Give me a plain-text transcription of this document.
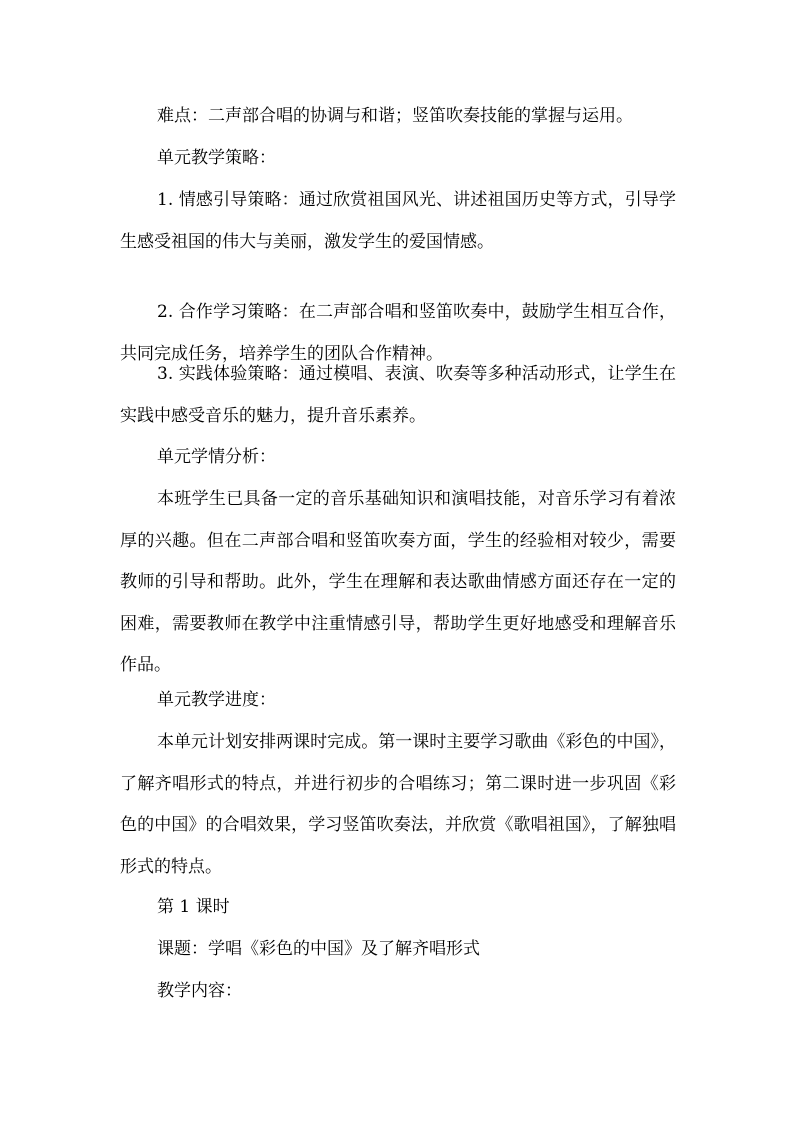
难点：二声部合唱的协调与和谐；竖笛吹奏技能的掌握与运用。

单元教学策略：

1. 情感引导策略：通过欣赏祖国风光、讲述祖国历史等方式，引导学生感受祖国的伟大与美丽，激发学生的爱国情感。

2. 合作学习策略：在二声部合唱和竖笛吹奏中，鼓励学生相互合作，共同完成任务，培养学生的团队合作精神。

3. 实践体验策略：通过模唱、表演、吹奏等多种活动形式，让学生在实践中感受音乐的魅力，提升音乐素养。

单元学情分析：

本班学生已具备一定的音乐基础知识和演唱技能，对音乐学习有着浓厚的兴趣。但在二声部合唱和竖笛吹奏方面，学生的经验相对较少，需要教师的引导和帮助。此外，学生在理解和表达歌曲情感方面还存在一定的困难，需要教师在教学中注重情感引导，帮助学生更好地感受和理解音乐作品。

单元教学进度：

本单元计划安排两课时完成。第一课时主要学习歌曲《彩色的中国》，了解齐唱形式的特点，并进行初步的合唱练习；第二课时进一步巩固《彩色的中国》的合唱效果，学习竖笛吹奏法，并欣赏《歌唱祖国》，了解独唱形式的特点。

第 1 课时

课题：学唱《彩色的中国》及了解齐唱形式

教学内容：
